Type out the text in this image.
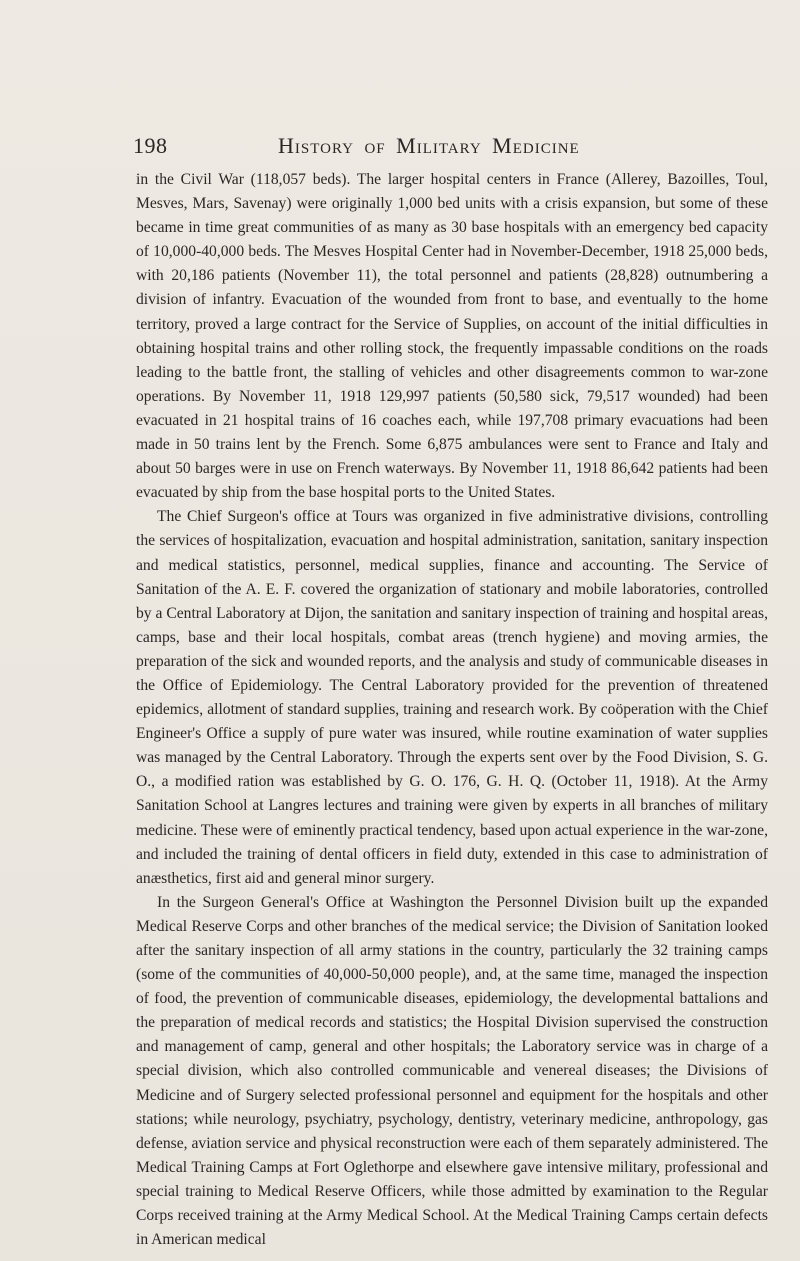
198	History of Military Medicine

in the Civil War (118,057 beds). The larger hospital centers in France (Allerey, Bazoilles, Toul, Mesves, Mars, Savenay) were originally 1,000 bed units with a crisis expansion, but some of these became in time great communities of as many as 30 base hospitals with an emergency bed capacity of 10,000-40,000 beds. The Mesves Hospital Center had in November-December, 1918 25,000 beds, with 20,186 patients (November 11), the total personnel and patients (28,828) outnumbering a division of infantry. Evacuation of the wounded from front to base, and eventually to the home territory, proved a large contract for the Service of Supplies, on account of the initial difficulties in obtaining hospital trains and other rolling stock, the frequently impassable conditions on the roads leading to the battle front, the stalling of vehicles and other disagreements common to war-zone operations. By November 11, 1918 129,997 patients (50,580 sick, 79,517 wounded) had been evacuated in 21 hospital trains of 16 coaches each, while 197,708 primary evacuations had been made in 50 trains lent by the French. Some 6,875 ambulances were sent to France and Italy and about 50 barges were in use on French waterways. By November 11, 1918 86,642 patients had been evacuated by ship from the base hospital ports to the United States.

The Chief Surgeon's office at Tours was organized in five administrative divisions, controlling the services of hospitalization, evacuation and hospital administration, sanitation, sanitary inspection and medical statistics, personnel, medical supplies, finance and accounting. The Service of Sanitation of the A. E. F. covered the organization of stationary and mobile laboratories, controlled by a Central Laboratory at Dijon, the sanitation and sanitary inspection of training and hospital areas, camps, base and their local hospitals, combat areas (trench hygiene) and moving armies, the preparation of the sick and wounded reports, and the analysis and study of communicable diseases in the Office of Epidemiology. The Central Laboratory provided for the prevention of threatened epidemics, allotment of standard supplies, training and research work. By coöperation with the Chief Engineer's Office a supply of pure water was insured, while routine examination of water supplies was managed by the Central Laboratory. Through the experts sent over by the Food Division, S. G. O., a modified ration was established by G. O. 176, G. H. Q. (October 11, 1918). At the Army Sanitation School at Langres lectures and training were given by experts in all branches of military medicine. These were of eminently practical tendency, based upon actual experience in the war-zone, and included the training of dental officers in field duty, extended in this case to administration of anæsthetics, first aid and general minor surgery.

In the Surgeon General's Office at Washington the Personnel Division built up the expanded Medical Reserve Corps and other branches of the medical service; the Division of Sanitation looked after the sanitary inspection of all army stations in the country, particularly the 32 training camps (some of the communities of 40,000-50,000 people), and, at the same time, managed the inspection of food, the prevention of communicable diseases, epidemiology, the developmental battalions and the preparation of medical records and statistics; the Hospital Division supervised the construction and management of camp, general and other hospitals; the Laboratory service was in charge of a special division, which also controlled communicable and venereal diseases; the Divisions of Medicine and of Surgery selected professional personnel and equipment for the hospitals and other stations; while neurology, psychiatry, psychology, dentistry, veterinary medicine, anthropology, gas defense, aviation service and physical reconstruction were each of them separately administered. The Medical Training Camps at Fort Oglethorpe and elsewhere gave intensive military, professional and special training to Medical Reserve Officers, while those admitted by examination to the Regular Corps received training at the Army Medical School. At the Medical Training Camps certain defects in American medical
